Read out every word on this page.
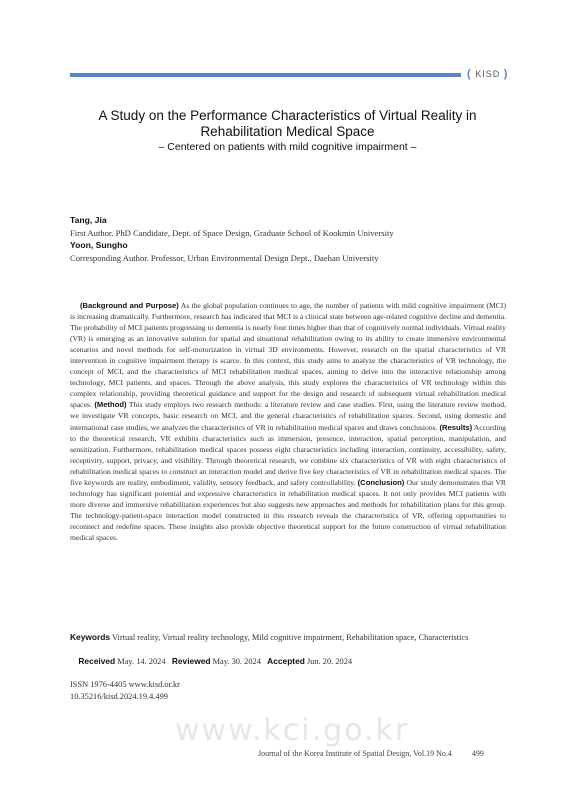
( KISD )
A Study on the Performance Characteristics of Virtual Reality in Rehabilitation Medical Space
– Centered on patients with mild cognitive impairment –
Tang, Jia
First Author. PhD Candidate, Dept. of Space Design, Graduate School of Kookmin University
Yoon, Sungho
Corresponding Author. Professor, Urban Environmental Design Dept., Daehan University
(Background and Purpose) As the global population continues to age, the number of patients with mild cognitive impairment (MCI) is increasing dramatically. Furthermore, research has indicated that MCI is a clinical state between age-related cognitive decline and dementia. The probability of MCI patients progressing to dementia is nearly four times higher than that of cognitively normal individuals. Virtual reality (VR) is emerging as an innovative solution for spatial and situational rehabilitation owing to its ability to create immersive environmental scenarios and novel methods for self-motorization in virtual 3D environments. However, research on the spatial characteristics of VR intervention in cognitive impairment therapy is scarce. In this context, this study aims to analyze the characteristics of VR technology, the concept of MCI, and the characteristics of MCI rehabilitation medical spaces, aiming to delve into the interactive relationship among technology, MCI patients, and spaces. Through the above analysis, this study explores the characteristics of VR technology within this complex relationship, providing theoretical guidance and support for the design and research of subsequent virtual rehabilitation medical spaces. (Method) This study employs two research methods: a literature review and case studies. First, using the literature review method, we investigate VR concepts, basic research on MCI, and the general characteristics of rehabilitation spaces. Second, using domestic and international case studies, we analyzes the characteristics of VR in rehabilitation medical spaces and draws conclusions. (Results) According to the theoretical research, VR exhibits characteristics such as immersion, presence, interaction, spatial perception, manipulation, and sensitization. Furthermore, rehabilitation medical spaces possess eight characteristics including interaction, continuity, accessibility, safety, receptivity, support, privacy, and visibility. Through theoretical research, we combine six characteristics of VR with eight characteristics of rehabilitation medical spaces to construct an interaction model and derive five key characteristics of VR in rehabilitation medical spaces. The five keywords are reality, embodiment, validity, sensory feedback, and safety controllability. (Conclusion) Our study demonstrates that VR technology has significant potential and expressive characteristics in rehabilitation medical spaces. It not only provides MCI patients with more diverse and immersive rehabilitation experiences but also suggests new approaches and methods for rehabilitation plans for this group. The technology-patient-space interaction model constructed in this research reveals the characteristics of VR, offering opportunities to reconnect and redefine spaces. These insights also provide objective theoretical support for the future construction of virtual rehabilitation medical spaces.
Keywords Virtual reality, Virtual reality technology, Mild cognitive impairment, Rehabilitation space, Characteristics

Received May. 14. 2024   Reviewed May. 30. 2024   Accepted Jun. 20. 2024

ISSN 1976-4405 www.kisd.or.kr
10.35216/kisd.2024.19.4.499
www.kci.go.kr
Journal of the Korea Institute of Spatial Design, Vol.19 No.4	499
